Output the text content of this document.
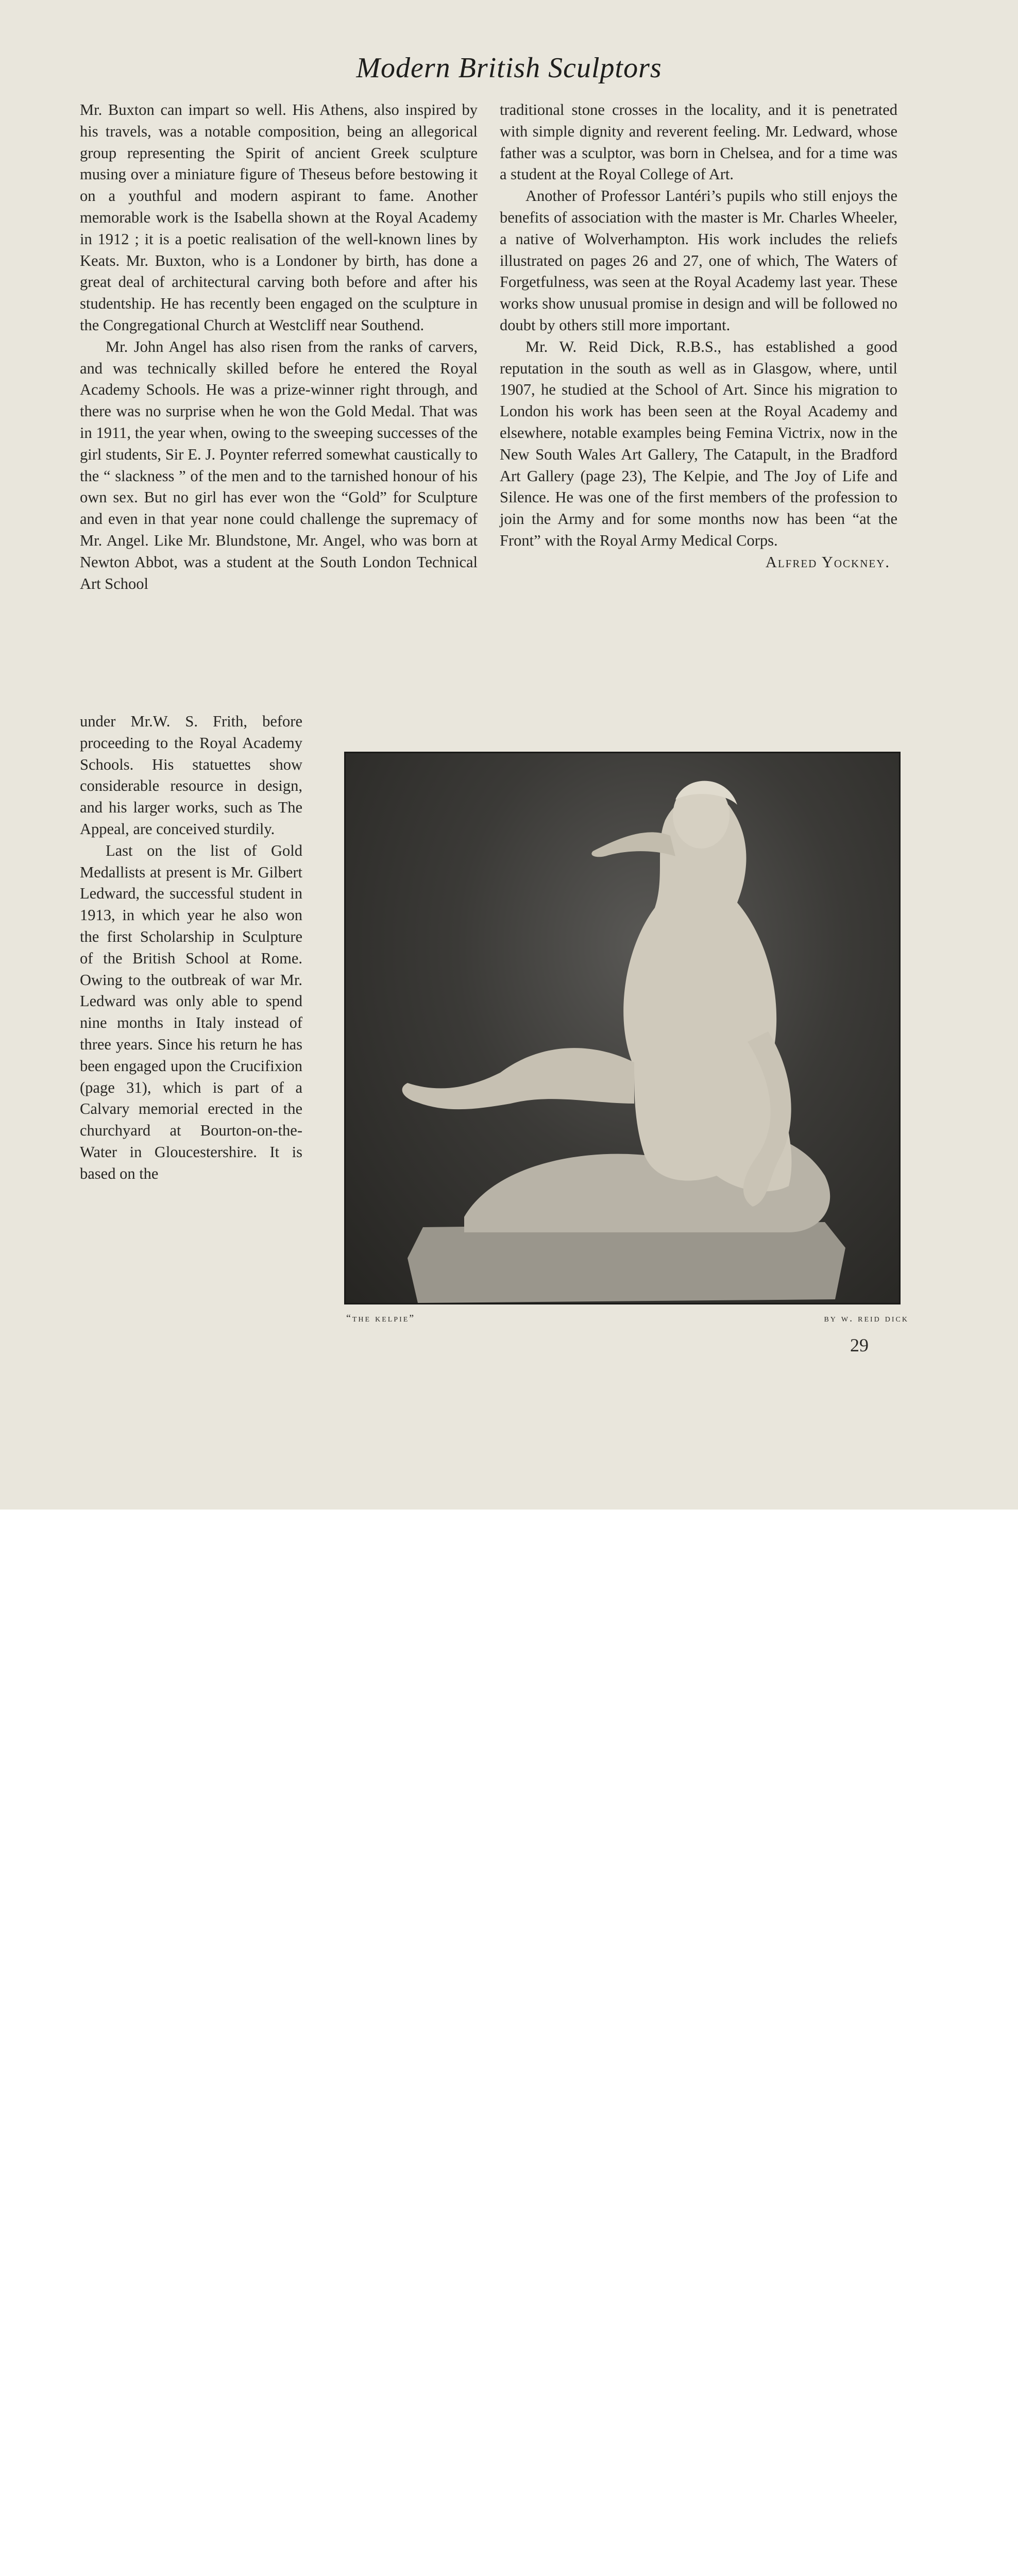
Modern British Sculptors

Mr. Buxton can impart so well. His Athens, also inspired by his travels, was a notable composition, being an allegorical group representing the Spirit of ancient Greek sculpture musing over a miniature figure of Theseus before bestowing it on a youthful and modern aspirant to fame. Another memorable work is the Isabella shown at the Royal Academy in 1912 ; it is a poetic realisation of the well-known lines by Keats. Mr. Buxton, who is a Londoner by birth, has done a great deal of architectural carving both before and after his studentship. He has recently been engaged on the sculpture in the Congregational Church at Westcliff near Southend.

Mr. John Angel has also risen from the ranks of carvers, and was technically skilled before he entered the Royal Academy Schools. He was a prize-winner right through, and there was no surprise when he won the Gold Medal. That was in 1911, the year when, owing to the sweeping successes of the girl students, Sir E. J. Poynter referred somewhat caustically to the “ slackness ” of the men and to the tarnished honour of his own sex. But no girl has ever won the “Gold” for Sculpture and even in that year none could challenge the supremacy of Mr. Angel. Like Mr. Blundstone, Mr. Angel, who was born at Newton Abbot, was a student at the South London Technical Art School

under Mr.W. S. Frith, before proceeding to the Royal Academy Schools. His statuettes show considerable resource in design, and his larger works, such as The Appeal, are conceived sturdily.

Last on the list of Gold Medallists at present is Mr. Gilbert Ledward, the successful student in 1913, in which year he also won the first Scholarship in Sculpture of the British School at Rome. Owing to the outbreak of war Mr. Ledward was only able to spend nine months in Italy instead of three years. Since his return he has been engaged upon the Crucifixion (page 31), which is part of a Calvary memorial erected in the churchyard at Bourton-on-the-Water in Gloucestershire. It is based on the

traditional stone crosses in the locality, and it is penetrated with simple dignity and reverent feeling. Mr. Ledward, whose father was a sculptor, was born in Chelsea, and for a time was a student at the Royal College of Art.

Another of Professor Lantéri’s pupils who still enjoys the benefits of association with the master is Mr. Charles Wheeler, a native of Wolverhampton. His work includes the reliefs illustrated on pages 26 and 27, one of which, The Waters of Forgetfulness, was seen at the Royal Academy last year. These works show unusual promise in design and will be followed no doubt by others still more important.

Mr. W. Reid Dick, R.B.S., has established a good reputation in the south as well as in Glasgow, where, until 1907, he studied at the School of Art. Since his migration to London his work has been seen at the Royal Academy and elsewhere, notable examples being Femina Victrix, now in the New South Wales Art Gallery, The Catapult, in the Bradford Art Gallery (page 23), The Kelpie, and The Joy of Life and Silence. He was one of the first members of the profession to join the Army and for some months now has been “at the Front” with the Royal Army Medical Corps.

Alfred Yockney.
“the kelpie”	by w. reid dick
29
